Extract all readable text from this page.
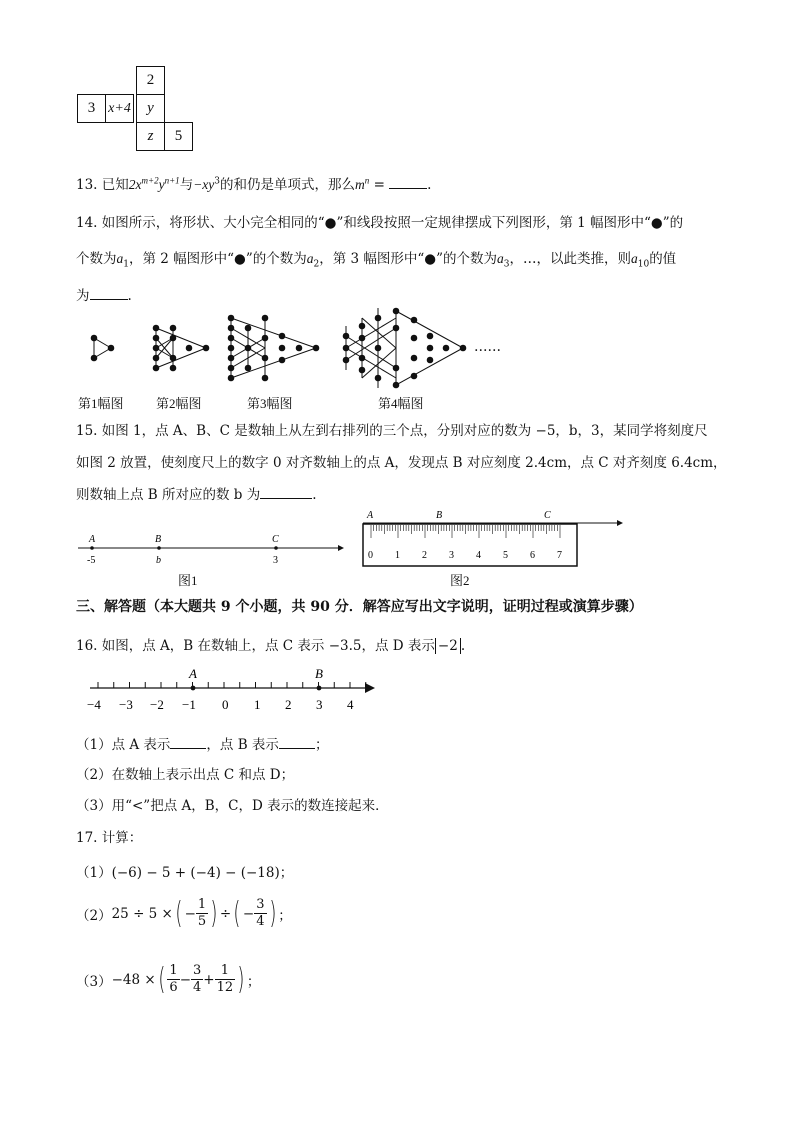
2
3 x+4	y
z	5
13. 已知$2x^{m+2}y^{n+1}$与$-xy^3$的和仍是单项式，那么$m^n$ =	.
14. 如图所示，将形状、大小完全相同的“●”和线段按照一定规律摆成下列图形，第 1 幅图形中“●”的
个数为$a_1$，第 2 幅图形中“●”的个数为$a_2$，第 3 幅图形中“●”的个数为$a_3$，…，以此类推，则$a_{10}$的值
为	.
……
第1幅图 第2幅图	第3幅图	第4幅图
15. 如图 1，点 A、B、C 是数轴上从左到右排列的三个点，分别对应的数为 −5，b，3，某同学将刻度尺
如图 2 放置，使刻度尺上的数字 0 对齐数轴上的点 A，发现点 B 对应刻度 2.4cm，点 C 对齐刻度 6.4cm，
则数轴上点 B 所对应的数 b 为	.
A	B	C
-5	b	3
图1
A	B	C
0 1 2 3 4 5 6 7
图2
三、解答题（本大题共 9 个小题，共 90 分．解答应写出文字说明，证明过程或演算步骤）
16. 如图，点 A，B 在数轴上，点 C 表示 −3.5，点 D 表示 −2 .
A	B
−4 −3 −2 −1 0 1 2 3 4
（1）点 A 表示	，点 B 表示	；
（2）在数轴上表示出点 C 和点 D；
（3）用“<”把点 A，B，C，D 表示的数连接起来．
17. 计算：
（1）(−6) − 5 + (−4) − (−18)；
（2） 25 ÷ 5 × ( − $\frac{1}{5}$ ) ÷ ( − $\frac{3}{4}$ ) ；
（3） −48 × ( $\frac{1}{6} - \frac{3}{4} + \frac{1}{12}$ ) ；
